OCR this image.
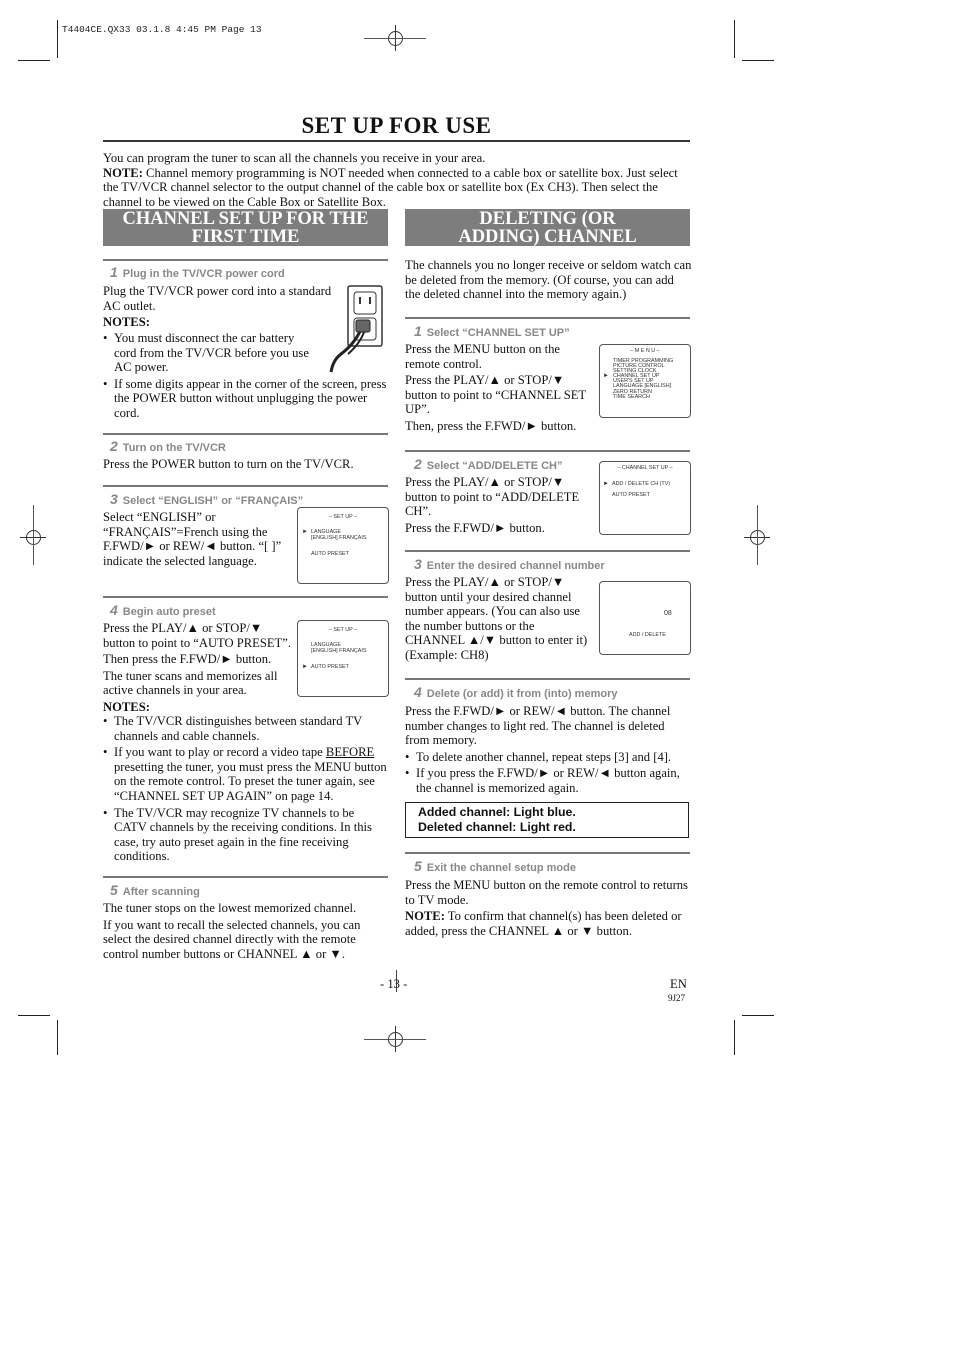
T4404CE.QX33 03.1.8 4:45 PM Page 13
SET UP FOR USE
You can program the tuner to scan all the channels you receive in your area.
NOTE: Channel memory programming is NOT needed when connected to a cable box or satellite box. Just select the TV/VCR channel selector to the output channel of the cable box or satellite box (Ex CH3). Then select the channel to be viewed on the Cable Box or Satellite Box.
CHANNEL SET UP FOR THE FIRST TIME
1 Plug in the TV/VCR power cord

Plug the TV/VCR power cord into a standard AC outlet.

NOTES:

• You must disconnect the car battery cord from the TV/VCR before you use AC power.
• If some digits appear in the corner of the screen, press the POWER button without unplugging the power cord.
2 Turn on the TV/VCR

Press the POWER button to turn on the TV/VCR.

3 Select “ENGLISH” or “FRANÇAIS”

Select “ENGLISH” or “FRANÇAIS”=French using the F.FWD/► or REW/◄ button. “[ ]” indicate the selected language.

– SET UP –
► LANGUAGE
[ENGLISH] FRANÇAIS
AUTO PRESET
4 Begin auto preset

Press the PLAY/▲ or STOP/▼ button to point to “AUTO PRESET”.

Then press the F.FWD/► button.

The tuner scans and memorizes all active channels in your area.

NOTES:

– SET UP –
LANGUAGE
[ENGLISH] FRANÇAIS
► AUTO PRESET
• The TV/VCR distinguishes between standard TV channels and cable channels.
• If you want to play or record a video tape BEFORE presetting the tuner, you must press the MENU button on the remote control. To preset the tuner again, see “CHANNEL SET UP AGAIN” on page 14.
• The TV/VCR may recognize TV channels to be CATV channels by the receiving conditions. In this case, try auto preset again in the fine receiving conditions.
5 After scanning

The tuner stops on the lowest memorized channel.

If you want to recall the selected channels, you can select the desired channel directly with the remote control number buttons or CHANNEL ▲ or ▼.

DELETING (OR ADDING) CHANNEL

The channels you no longer receive or seldom watch can be deleted from the memory. (Of course, you can add the deleted channel into the memory again.)

1 Select “CHANNEL SET UP”

Press the MENU button on the remote control.

Press the PLAY/▲ or STOP/▼ button to point to “CHANNEL SET UP”.

Then, press the F.FWD/► button.

– M E N U –
TIMER PROGRAMMING
PICTURE CONTROL
SETTING CLOCK
► CHANNEL SET UP
USER'S SET UP
LANGUAGE [ENGLISH]
ZERO RETURN
TIME SEARCH
2 Select “ADD/DELETE CH”

Press the PLAY/▲ or STOP/▼ button to point to “ADD/DELETE CH”.

Press the F.FWD/► button.

– CHANNEL SET UP –
► ADD / DELETE CH (TV)
AUTO PRESET
3 Enter the desired channel number

Press the PLAY/▲ or STOP/▼ button until your desired channel number appears. (You can also use the number buttons or the CHANNEL ▲/▼ button to enter it) (Example: CH8)

08
ADD / DELETE
4 Delete (or add) it from (into) memory

Press the F.FWD/► or REW/◄ button. The channel number changes to light red. The channel is deleted from memory.

• To delete another channel, repeat steps [3] and [4].
• If you press the F.FWD/► or REW/◄ button again, the channel is memorized again.
Added channel: Light blue.
Deleted channel: Light red.
5 Exit the channel setup mode

Press the MENU button on the remote control to returns to TV mode.

NOTE: To confirm that channel(s) has been deleted or added, press the CHANNEL ▲ or ▼ button.

- 13 -	EN
9J27
